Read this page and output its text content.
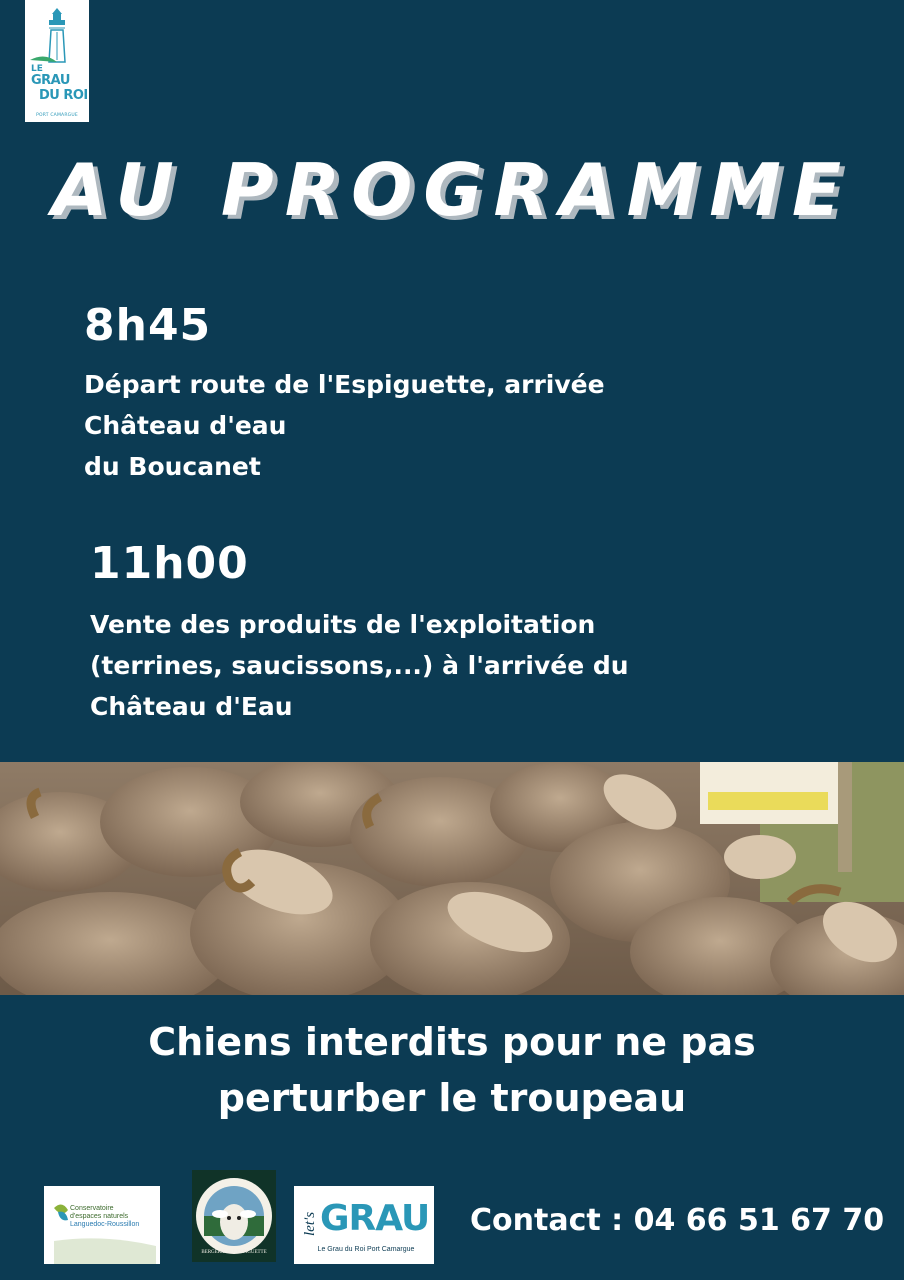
LE
GRAU
DU ROI
PORT CAMARGUE
AU PROGRAMME
8h45
Départ route de l'Espiguette, arrivée
Château d'eau
du Boucanet
11h00
Vente des produits de l'exploitation
(terrines, saucissons,...) à l'arrivée du
Château d'Eau
Chiens interdits pour ne pas
perturber le troupeau
Conservatoire
d'espaces naturels
Languedoc-Roussillon
BERGERIE de L'ESPIGUETTE
let's GRAU
Le Grau du Roi Port Camargue
Contact : 04 66 51 67 70
